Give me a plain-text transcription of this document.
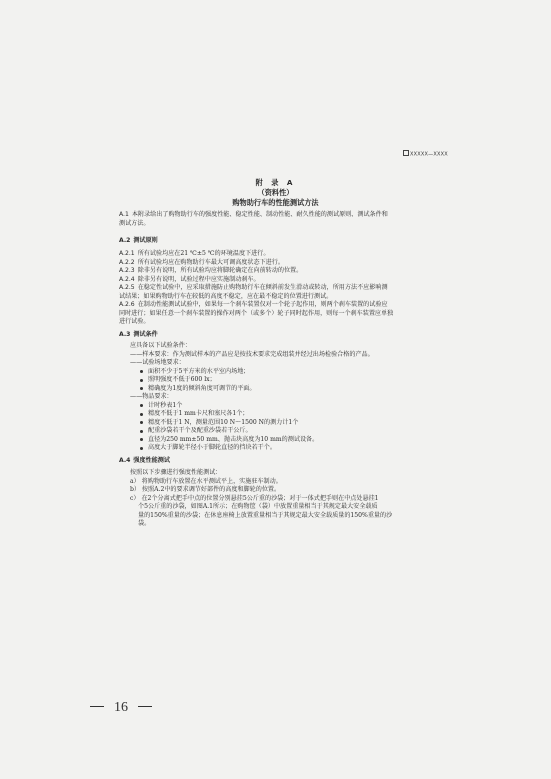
XXXXX—XXXX
附 录 A
（资料性）
购物助行车的性能测试方法
A.1 本附录给出了购物助行车的强度性能、稳定性能、制动性能、耐久性能的测试原则、测试条件和
测试方法。
A.2 测试原则
A.2.1 所有试验均应在21 ℃±5 ℃的环境温度下进行。
A.2.2 所有试验均应在购物助行车最大可调高度状态下进行。
A.2.3 除非另有说明，所有试验均应将脚轮确定在向前转动的位置。
A.2.4 除非另有说明，试验过程中应实施制动刹车。
A.2.5 在稳定性试验中，应采取措施防止购物助行车在倾斜前发生滑动或转动，所用方法不应影响测
试结果；如果购物助行车在较低的高度不稳定，应在最不稳定的位置进行测试。
A.2.6 在制动性能测试试验中，如果每一个刹车装置仅对一个轮子起作用，则两个刹车装置的试验应
同时进行；如果任意一个刹车装置的操作对两个（或多个）轮子同时起作用，则每一个刹车装置应单独
进行试验。
A.3 测试条件
应具备以下试验条件：
——样本要求：作为测试样本的产品应是按技术要求完成组装并经过出场检验合格的产品。
——试验场地要求：
面积不少于5平方米的水平室内场地；
照明强度不低于600 lx；
精确度为1度的倾斜角度可调节的平面。
——物品要求：
计时秒表1个
精度不低于1 mm卡尺和塞尺各1个；
精度不低于1 N，测量范围10 N～1500 N的测力计1个
配重沙袋若干个及配重沙袋若干公斤。
直径为250 mm±50 mm、抛击块高度为10 mm的测试设备。
高度大于脚轮半径小于脚轮直径的挡块若干个。
A.4 强度性能测试
按照以下步骤进行强度性能测试：
a） 将购物助行车放置在水平测试平上，实施驻车制动。
b） 按照A.2中的要求调节好部件的高度和脚轮的位置。
c） 在2个分离式把手中点的位置分别悬挂5公斤重的沙袋；对于一体式把手则在中点处悬挂1
个5公斤重的沙袋，如图A.1所示；在购物筐（袋）中放置重量相当于其规定最大安全载质
量的150%重量的沙袋；在休息座椅上放置重量相当于其规定最大安全载质量的150%重量的沙
袋。
16
